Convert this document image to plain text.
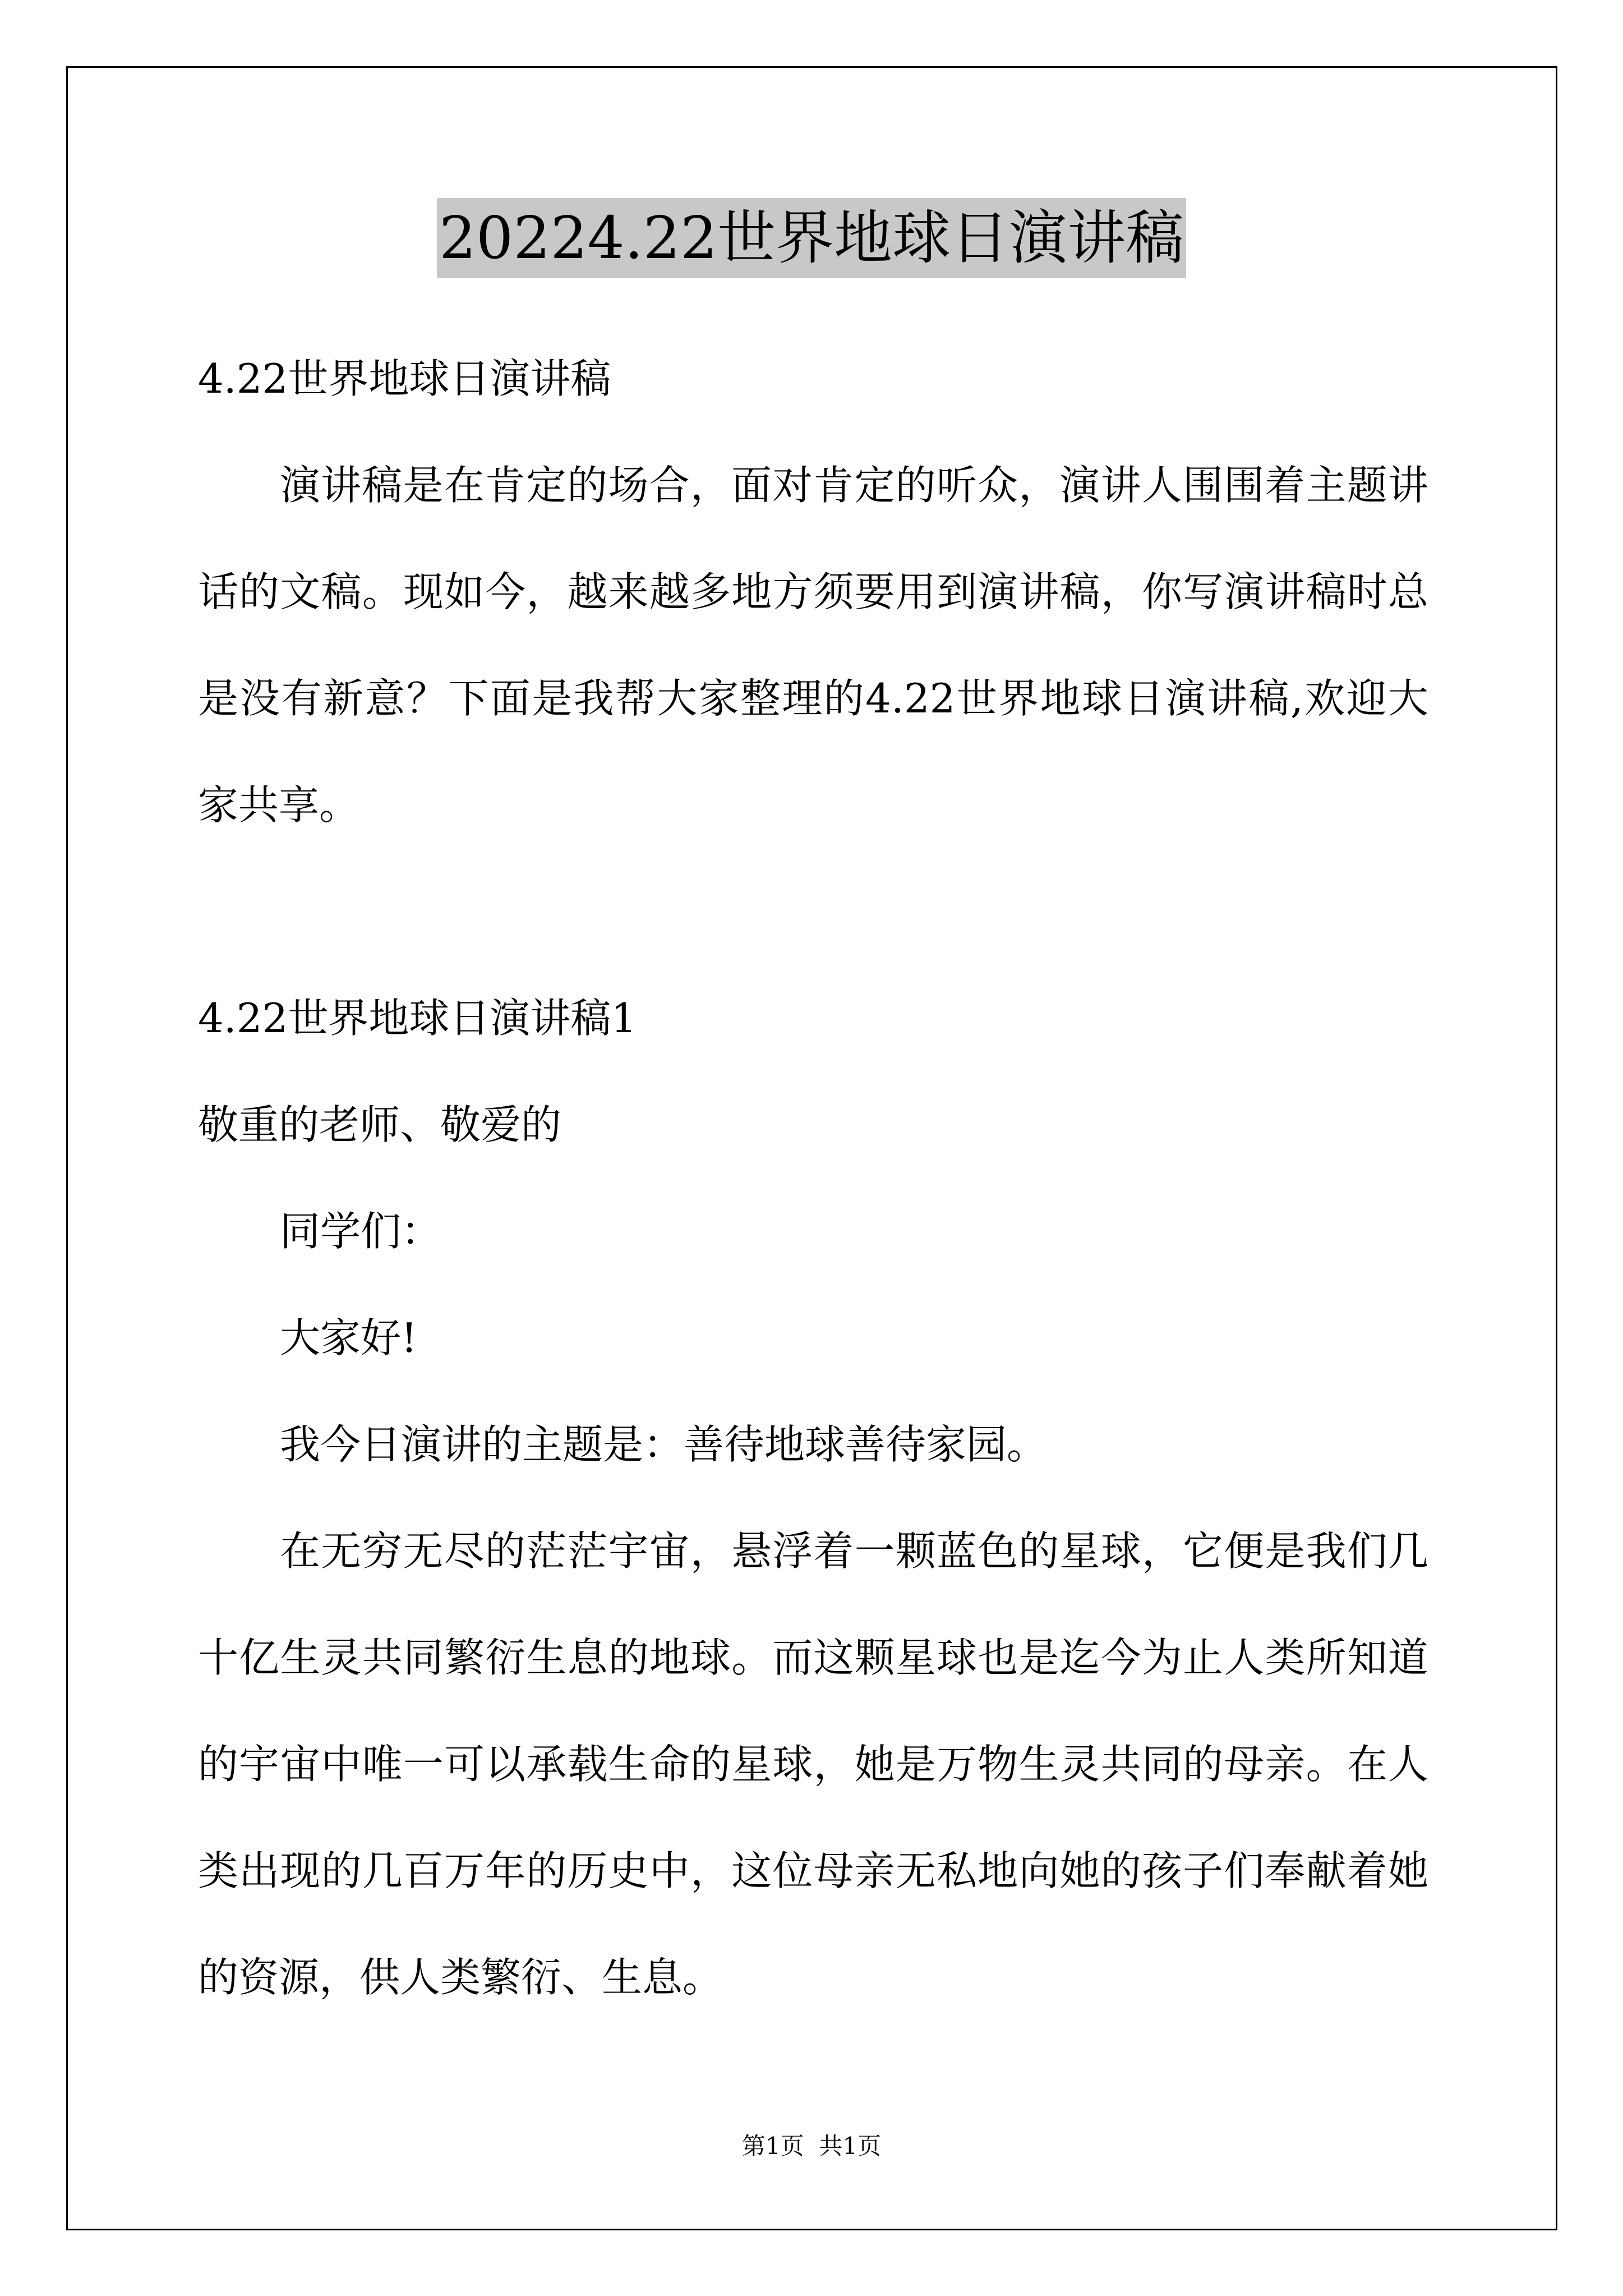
20224.22世界地球日演讲稿
4.22世界地球日演讲稿
演讲稿是在肯定的场合，面对肯定的听众，演讲人围围着主题讲
话的文稿。现如今，越来越多地方须要用到演讲稿，你写演讲稿时总
是没有新意？下面是我帮大家整理的4.22世界地球日演讲稿,欢迎大
家共享。
4.22世界地球日演讲稿1
敬重的老师、敬爱的
同学们：
大家好!
我今日演讲的主题是：善待地球善待家园。
在无穷无尽的茫茫宇宙，悬浮着一颗蓝色的星球，它便是我们几
十亿生灵共同繁衍生息的地球。而这颗星球也是迄今为止人类所知道
的宇宙中唯一可以承载生命的星球，她是万物生灵共同的母亲。在人
类出现的几百万年的历史中，这位母亲无私地向她的孩子们奉献着她
的资源，供人类繁衍、生息。
第1页  共1页
